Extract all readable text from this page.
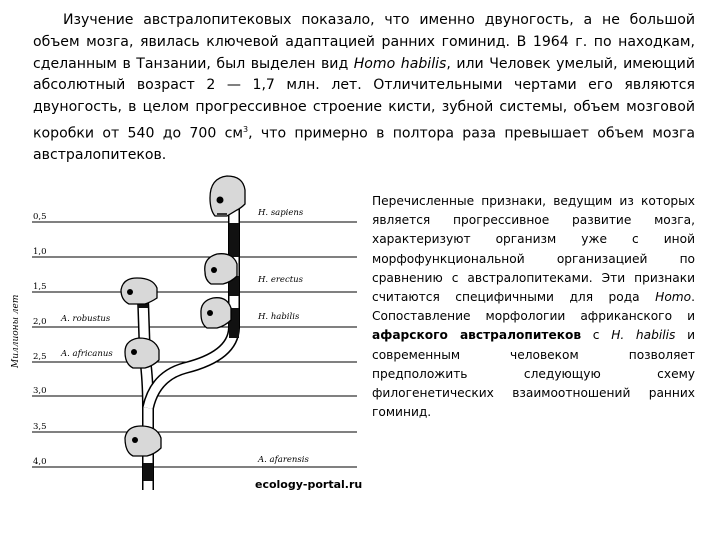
Изучение австралопитековых показало, что именно двуногость, а не большой объем мозга, явилась ключевой адаптацией ранних гоминид. В 1964 г. по находкам, сделанным в Танзании, был выделен вид Homo habilis, или Человек умелый, имеющий абсолютный возраст 2 — 1,7 млн. лет. Отличительными чертами его являются двуногость, в целом прогрессивное строение кисти, зубной системы, объем мозговой коробки от 540 до 700 $см^3$, что примерно в полтора раза превышает объем мозга австралопитеков.

0,5
1,0
1,5
2,0
2,5
3,0
3,5
4,0
Миллионы лет
H. sapiens
H. erectus
H. habilis
A. robustus
A. africanus
A. afarensis
ecology-portal.ru

Перечисленные признаки, ведущим из которых является прогрессивное развитие мозга, характеризуют организм уже с иной морфофункциональной организацией по сравнению с австралопитеками. Эти признаки считаются специфичными для рода Homo. Сопоставление морфологии африканского и афарского австралопитеков с H. habilis и современным человеком позволяет предположить следующую схему филогенетических взаимоотношений ранних гоминид.
